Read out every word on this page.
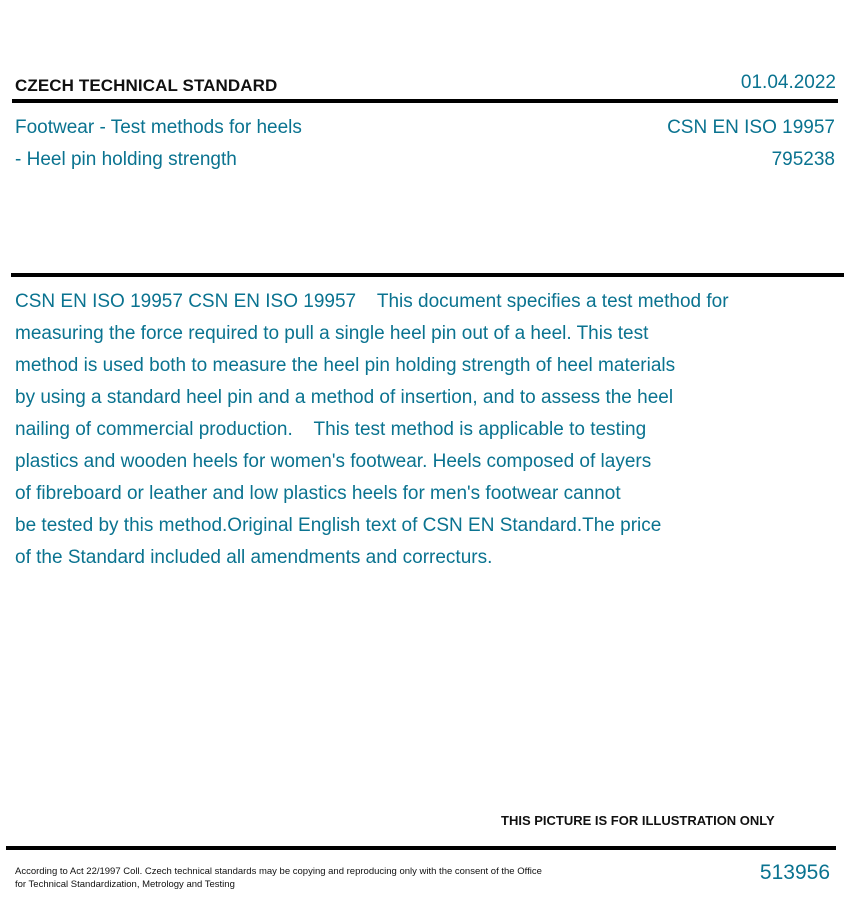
CZECH TECHNICAL STANDARD	01.04.2022
Footwear - Test methods for heels
- Heel pin holding strength
CSN EN ISO 19957
795238
CSN EN ISO 19957 CSN EN ISO 19957    This document specifies a test method for
measuring the force required to pull a single heel pin out of a heel. This test
method is used both to measure the heel pin holding strength of heel materials
by using a standard heel pin and a method of insertion, and to assess the heel
nailing of commercial production.    This test method is applicable to testing
plastics and wooden heels for women's footwear. Heels composed of layers
of fibreboard or leather and low plastics heels for men's footwear cannot
be tested by this method.Original English text of CSN EN Standard.The price
of the Standard included all amendments and correcturs.
THIS PICTURE IS FOR ILLUSTRATION ONLY
According to Act 22/1997 Coll. Czech technical standards may be copying and reproducing only with the consent of the Office
for Technical Standardization, Metrology and Testing
513956
